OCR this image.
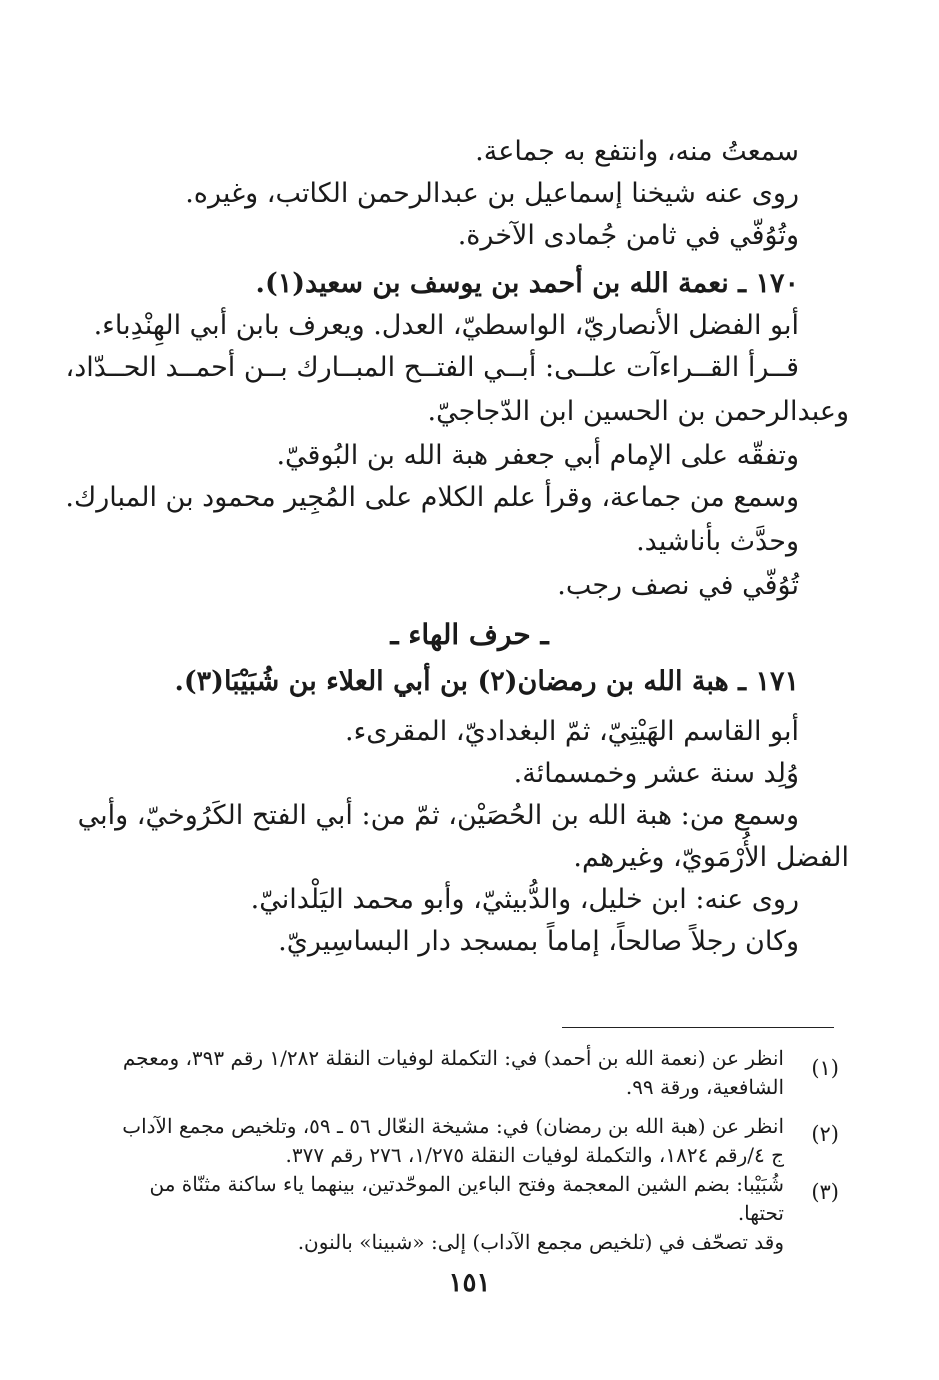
سمعتُ منه، وانتفع به جماعة.
روى عنه شيخنا إسماعيل بن عبدالرحمن الكاتب، وغيره.
وتُوُفّي في ثامن جُمادى الآخرة.
١٧٠ ـ نعمة الله بن أحمد بن يوسف بن سعيد(١).
أبو الفضل الأنصاريّ، الواسطيّ، العدل. ويعرف بابن أبي الهِنْدِباء.
قــرأ القــراءآت علــى: أبــي الفتــح المبــارك بــن أحمــد الحــدّاد،
وعبدالرحمن بن الحسين ابن الدّجاجيّ.
وتفقّه على الإمام أبي جعفر هبة الله بن البُوقيّ.
وسمع من جماعة، وقرأ علم الكلام على المُجِير محمود بن المبارك.
وحدَّث بأناشيد.
تُوُفّي في نصف رجب.
ـ حرف الهاء ـ
١٧١ ـ هبة الله بن رمضان(٢) بن أبي العلاء بن شُبَيْبَا(٣).
أبو القاسم الهَيْتِيّ، ثمّ البغداديّ، المقرىء.
وُلِد سنة عشر وخمسمائة.
وسمع من: هبة الله بن الحُصَيْن، ثمّ من: أبي الفتح الكَرُوخيّ، وأبي
الفضل الأُرْمَويّ، وغيرهم.
روى عنه: ابن خليل، والدُّبيثيّ، وأبو محمد اليَلْدانيّ.
وكان رجلاً صالحاً، إماماً بمسجد دار البساسِيريّ.
(١)
انظر عن (نعمة الله بن أحمد) في: التكملة لوفيات النقلة ١/٢٨٢ رقم ٣٩٣، ومعجم
الشافعية، ورقة ٩٩.
(٢)
انظر عن (هبة الله بن رمضان) في: مشيخة النعّال ٥٦ ـ ٥٩، وتلخيص مجمع الآداب
ج ٤/رقم ١٨٢٤، والتكملة لوفيات النقلة ١/٢٧٥، ٢٧٦ رقم ٣٧٧.
(٣)
شُبَيْبا: بضم الشين المعجمة وفتح الباءين الموحّدتين، بينهما ياء ساكنة مثنّاة من تحتها.
وقد تصحّف في (تلخيص مجمع الآداب) إلى: «شبينا» بالنون.
١٥١
